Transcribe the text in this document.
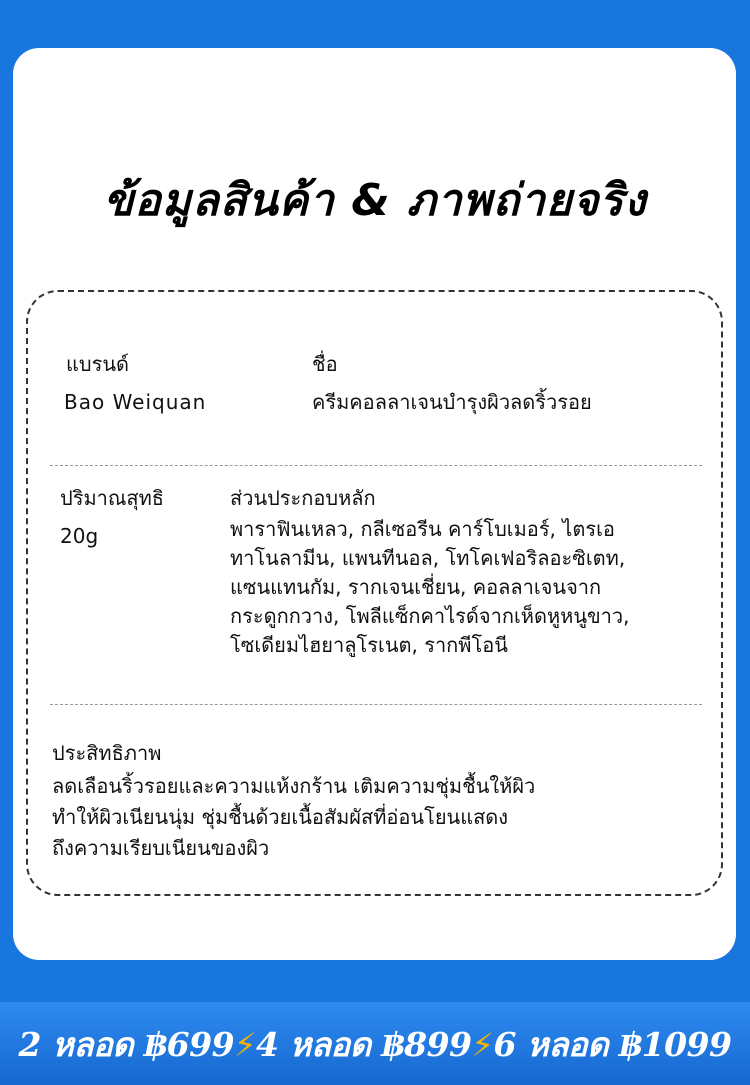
ข้อมูลสินค้า & ภาพถ่ายจริง
แบรนด์
Bao Weiquan
ชื่อ
ครีมคอลลาเจนบำรุงผิวลดริ้วรอย
ปริมาณสุทธิ
20g
ส่วนประกอบหลัก
พาราฟินเหลว, กลีเซอรีน คาร์โบเมอร์, ไตรเอ
ทาโนลามีน, แพนทีนอล, โทโคเฟอริลอะซิเตท,
แซนแทนกัม, รากเจนเชี่ยน, คอลลาเจนจาก
กระดูกกวาง, โพลีแซ็กคาไรด์จากเห็ดหูหนูขาว,
โซเดียมไฮยาลูโรเนต, รากพีโอนี
ประสิทธิภาพ
ลดเลือนริ้วรอยและความแห้งกร้าน เติมความชุ่มชื้นให้ผิว
ทำให้ผิวเนียนนุ่ม ชุ่มชื้นด้วยเนื้อสัมผัสที่อ่อนโยนแสดง
ถึงความเรียบเนียนของผิว
2 หลอด ฿699⚡4 หลอด ฿899⚡6 หลอด ฿1099
